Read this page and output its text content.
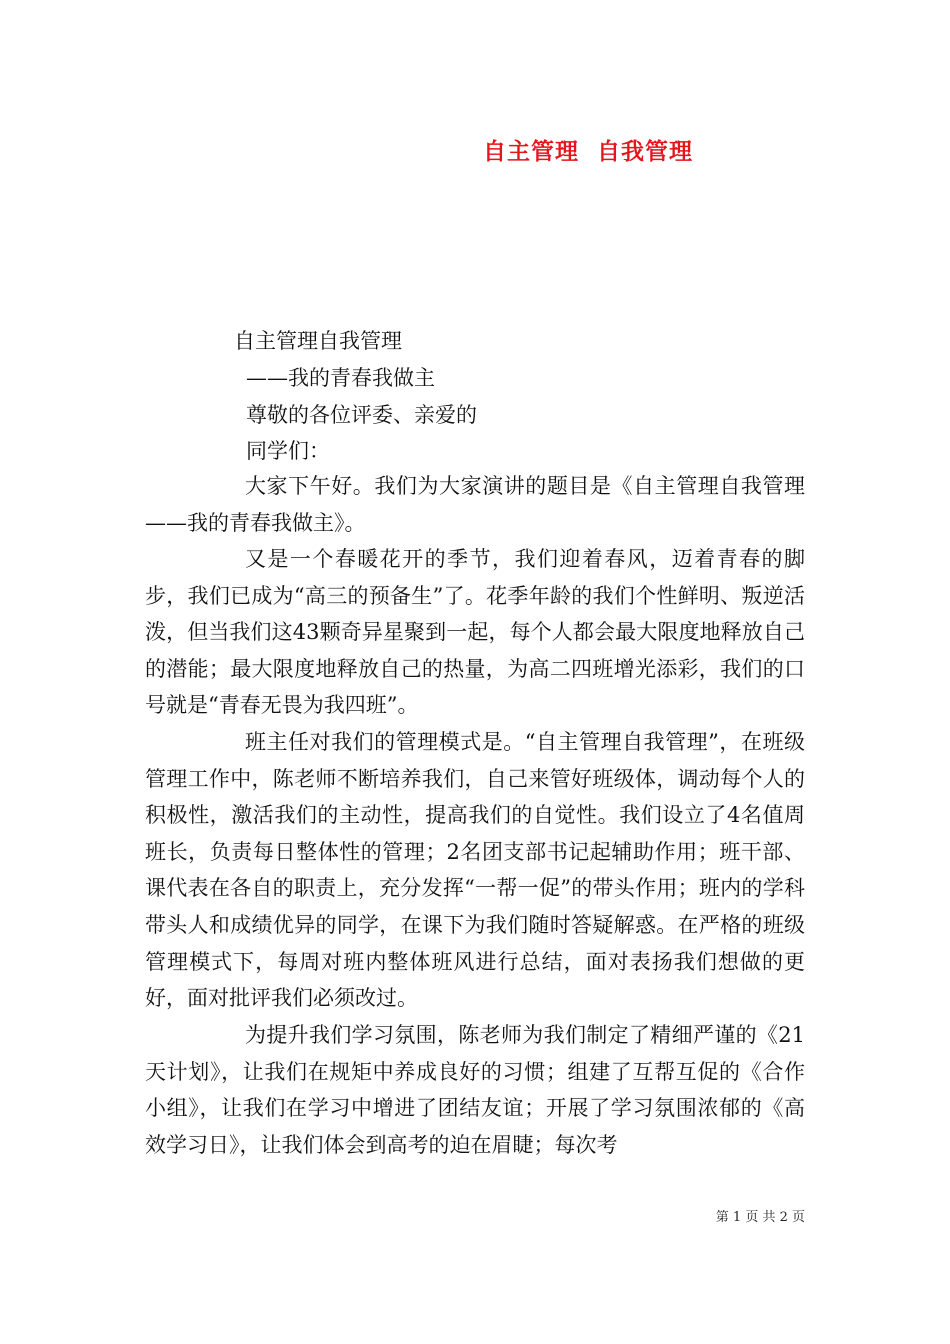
自主管理  自我管理
自主管理自我管理
——我的青春我做主
尊敬的各位评委、亲爱的
同学们：

大家下午好。我们为大家演讲的题目是《自主管理自我管理——我的青春我做主》。

又是一个春暖花开的季节，我们迎着春风，迈着青春的脚步，我们已成为“高三的预备生”了。花季年龄的我们个性鲜明、叛逆活泼，但当我们这43颗奇异星聚到一起，每个人都会最大限度地释放自己的潜能；最大限度地释放自己的热量，为高二四班增光添彩，我们的口号就是“青春无畏为我四班”。

班主任对我们的管理模式是。“自主管理自我管理”，在班级管理工作中，陈老师不断培养我们，自己来管好班级体，调动每个人的积极性，激活我们的主动性，提高我们的自觉性。我们设立了4名值周班长，负责每日整体性的管理；2名团支部书记起辅助作用；班干部、课代表在各自的职责上，充分发挥“一帮一促”的带头作用；班内的学科带头人和成绩优异的同学，在课下为我们随时答疑解惑。在严格的班级管理模式下，每周对班内整体班风进行总结，面对表扬我们想做的更好，面对批评我们必须改过。

为提升我们学习氛围，陈老师为我们制定了精细严谨的《21天计划》，让我们在规矩中养成良好的习惯；组建了互帮互促的《合作小组》，让我们在学习中增进了团结友谊；开展了学习氛围浓郁的《高效学习日》，让我们体会到高考的迫在眉睫；每次考

第 1 页 共 2 页
